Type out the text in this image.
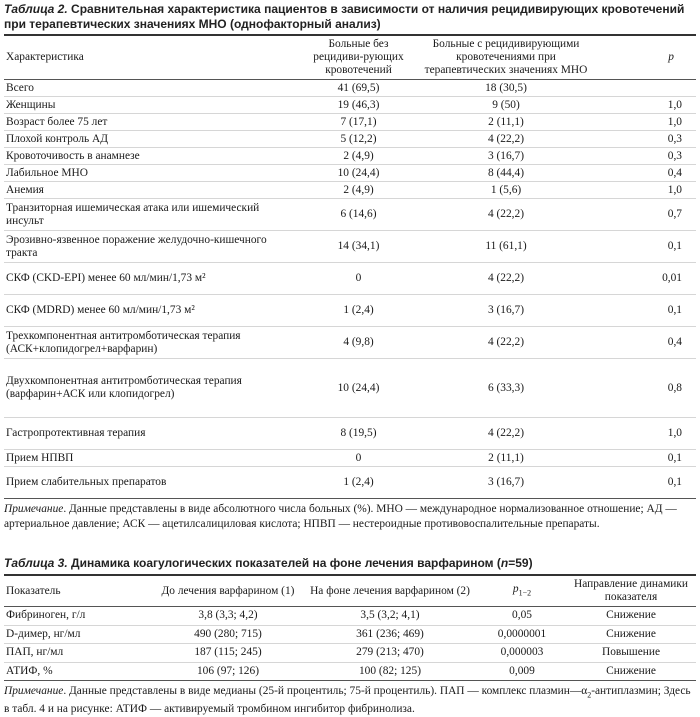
Таблица 2. Сравнительная характеристика пациентов в зависимости от наличия рецидивирующих кровотечений при терапевтических значениях МНО (однофакторный анализ)
Характеристика	Больные без рецидиви-рующих кровотечений	Больные с рецидивирующими кровотечениями при терапевтических значениях МНО	p
Всего	41 (69,5)	18 (30,5)	
Женщины	19 (46,3)	9 (50)	1,0
Возраст более 75 лет	7 (17,1)	2 (11,1)	1,0
Плохой контроль АД	5 (12,2)	4 (22,2)	0,3
Кровоточивость в анамнезе	2 (4,9)	3 (16,7)	0,3
Лабильное МНО	10 (24,4)	8 (44,4)	0,4
Анемия	2 (4,9)	1 (5,6)	1,0
Транзиторная ишемическая атака или ишемический инсульт	6 (14,6)	4 (22,2)	0,7
Эрозивно-язвенное поражение желудочно-кишечного тракта	14 (34,1)	11 (61,1)	0,1
СКФ (CKD-EPI) менее 60 мл/мин/1,73 м²	0	4 (22,2)	0,01
СКФ (MDRD) менее 60 мл/мин/1,73 м²	1 (2,4)	3 (16,7)	0,1
Трехкомпонентная антитромботическая терапия (АСК+клопидогрел+варфарин)	4 (9,8)	4 (22,2)	0,4
Двухкомпонентная антитромботическая терапия (варфарин+АСК или клопидогрел)	10 (24,4)	6 (33,3)	0,8
Гастропротективная терапия	8 (19,5)	4 (22,2)	1,0
Прием НПВП	0	2 (11,1)	0,1
Прием слабительных препаратов	1 (2,4)	3 (16,7)	0,1
Примечание. Данные представлены в виде абсолютного числа больных (%). МНО — международное нормализованное отношение; АД — артериальное давление; АСК — ацетилсалициловая кислота; НПВП — нестероидные противовоспалительные препараты.
Таблица 3. Динамика коагулогических показателей на фоне лечения варфарином (n=59)
Показатель	До лечения варфарином (1)	На фоне лечения варфарином (2)	$p_{1-2}$	Направление динамики показателя
Фибриноген, г/л	3,8 (3,3; 4,2)	3,5 (3,2; 4,1)	0,05	Снижение
D-димер, нг/мл	490 (280; 715)	361 (236; 469)	0,0000001	Снижение
ПАП, нг/мл	187 (115; 245)	279 (213; 470)	0,000003	Повышение
АТИФ, %	106 (97; 126)	100 (82; 125)	0,009	Снижение
Примечание. Данные представлены в виде медианы (25-й процентиль; 75-й процентиль). ПАП — комплекс $плазмин—\alpha_2$-антиплазмин; Здесь в табл. 4 и на рисунке: АТИФ — активируемый тромбином ингибитор фибринолиза.
